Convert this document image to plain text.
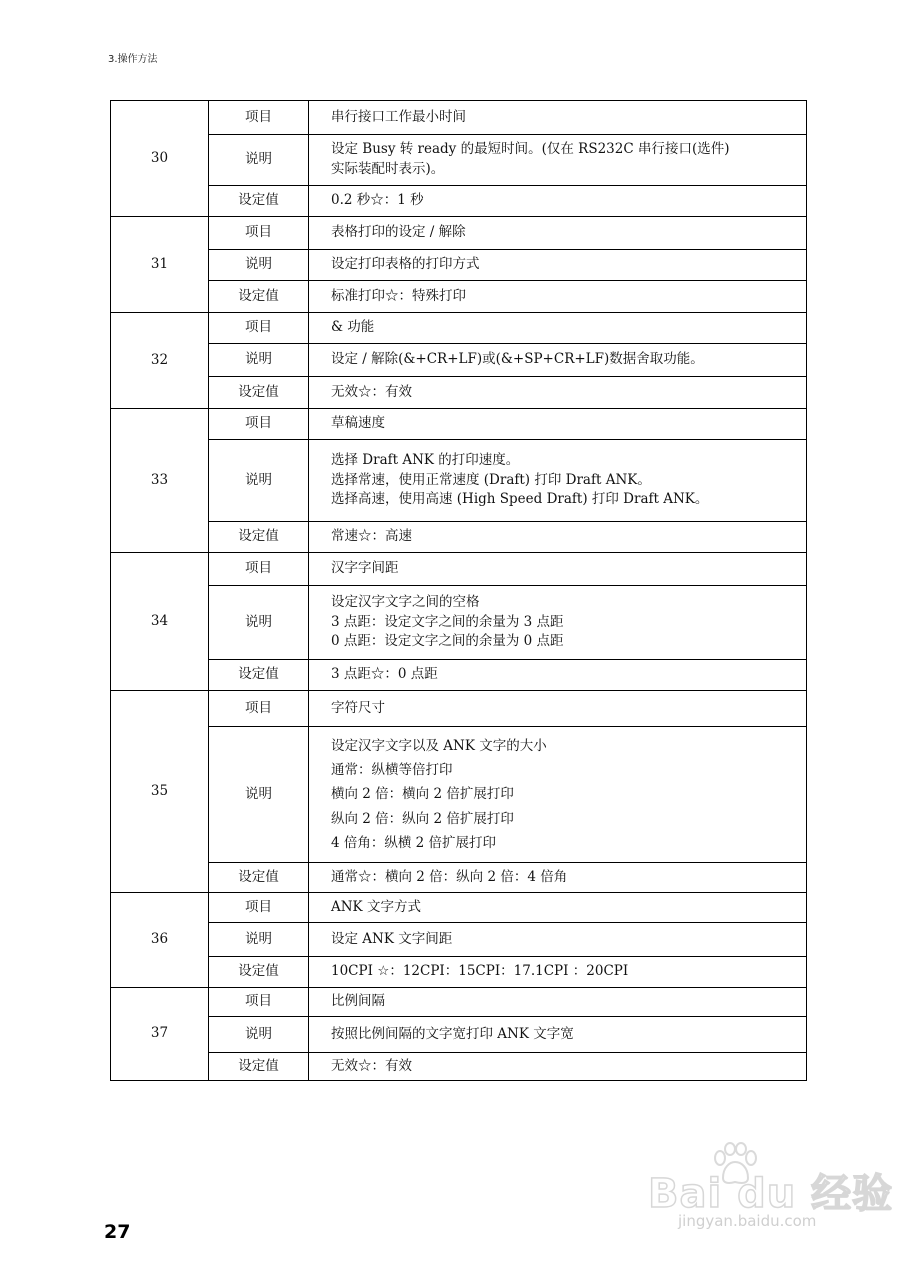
3.操作方法
30	项目	串行接口工作最小时间
	说明	设定 Busy 转 ready 的最短时间。(仅在 RS232C 串行接口(选件)
实际装配时表示)。

	设定值	0.2 秒☆：1 秒
31	项目	表格打印的设定 / 解除
	说明	设定打印表格的打印方式

	设定值	标准打印☆：特殊打印
32	项目	& 功能
	说明	设定 / 解除(&+CR+LF)或(&+SP+CR+LF)数据舍取功能。

	设定值	无效☆：有效
33	项目	草稿速度
	说明	选择 Draft ANK 的打印速度。
选择常速，使用正常速度 (Draft) 打印 Draft ANK。
选择高速，使用高速 (High Speed Draft) 打印 Draft ANK。

	设定值	常速☆：高速
34	项目	汉字字间距
	说明	设定汉字文字之间的空格
3 点距：设定文字之间的余量为 3 点距
0 点距：设定文字之间的余量为 0 点距

	设定值	3 点距☆：0 点距
35	项目	字符尺寸
	说明	设定汉字文字以及 ANK 文字的大小
通常：纵横等倍打印
横向 2 倍：横向 2 倍扩展打印
纵向 2 倍：纵向 2 倍扩展打印
4 倍角：纵横 2 倍扩展打印

	设定值	通常☆：横向 2 倍：纵向 2 倍：4 倍角
36	项目	ANK 文字方式
	说明	设定 ANK 文字间距

	设定值	10CPI ☆：12CPI：15CPI：17.1CPI ：20CPI
37	项目	比例间隔
	说明	按照比例间隔的文字宽打印 ANK 文字宽

	设定值	无效☆：有效
27
Bai du 经验
jingyan.baidu.com
